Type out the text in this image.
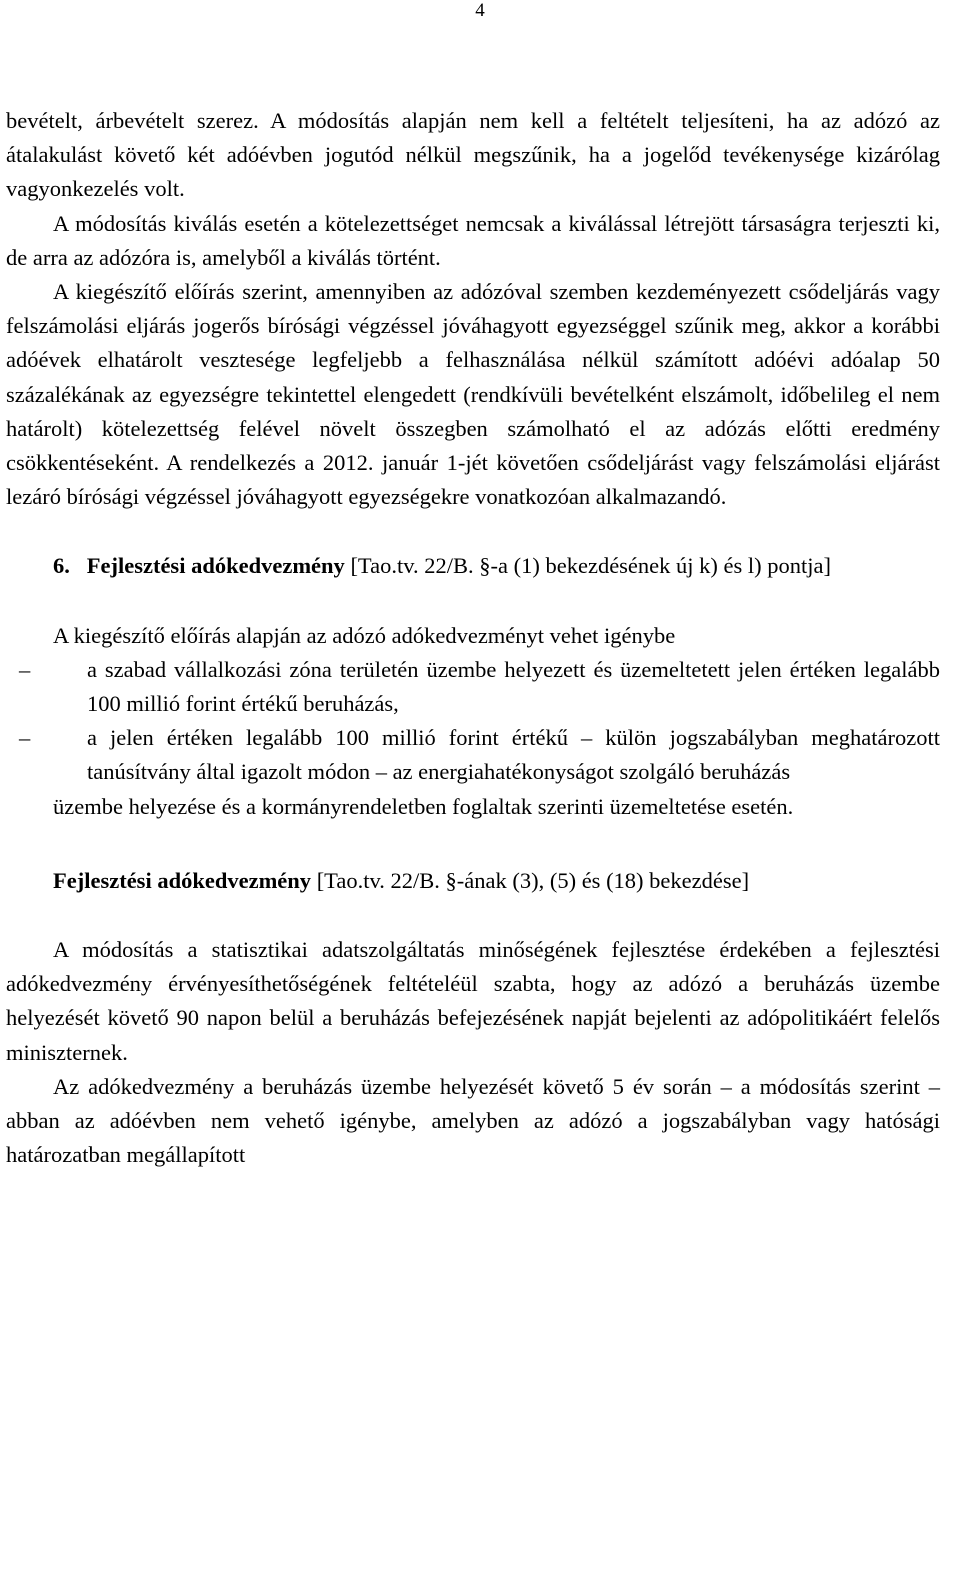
4

bevételt, árbevételt szerez. A módosítás alapján nem kell a feltételt teljesíteni, ha az adózó az átalakulást követő két adóévben jogutód nélkül megszűnik, ha a jogelőd tevékenysége kizárólag vagyonkezelés volt.

A módosítás kiválás esetén a kötelezettséget nemcsak a kiválással létrejött társaságra terjeszti ki, de arra az adózóra is, amelyből a kiválás történt.

A kiegészítő előírás szerint, amennyiben az adózóval szemben kezdeményezett csődeljárás vagy felszámolási eljárás jogerős bírósági végzéssel jóváhagyott egyezséggel szűnik meg, akkor a korábbi adóévek elhatárolt vesztesége legfeljebb a felhasználása nélkül számított adóévi adóalap 50 százalékának az egyezségre tekintettel elengedett (rendkívüli bevételként elszámolt, időbelileg el nem határolt) kötelezettség felével növelt összegben számolható el az adózás előtti eredmény csökkentéseként. A rendelkezés a 2012. január 1-jét követően csődeljárást vagy felszámolási eljárást lezáró bírósági végzéssel jóváhagyott egyezségekre vonatkozóan alkalmazandó.

6. Fejlesztési adókedvezmény [Tao.tv. 22/B. §-a (1) bekezdésének új k) és l) pontja]

A kiegészítő előírás alapján az adózó adókedvezményt vehet igénybe

–	a szabad vállalkozási zóna területén üzembe helyezett és üzemeltetett jelen értéken legalább 100 millió forint értékű beruházás,
–	a jelen értéken legalább 100 millió forint értékű – külön jogszabályban meghatározott tanúsítvány által igazolt módon – az energiahatékonyságot szolgáló beruházás

üzembe helyezése és a kormányrendeletben foglaltak szerinti üzemeltetése esetén.

Fejlesztési adókedvezmény [Tao.tv. 22/B. §-ának (3), (5) és (18) bekezdése]

A módosítás a statisztikai adatszolgáltatás minőségének fejlesztése érdekében a fejlesztési adókedvezmény érvényesíthetőségének feltételéül szabta, hogy az adózó a beruházás üzembe helyezését követő 90 napon belül a beruházás befejezésének napját bejelenti az adópolitikáért felelős miniszternek.

Az adókedvezmény a beruházás üzembe helyezését követő 5 év során – a módosítás szerint – abban az adóévben nem vehető igénybe, amelyben az adózó a jogszabályban vagy hatósági határozatban megállapított
